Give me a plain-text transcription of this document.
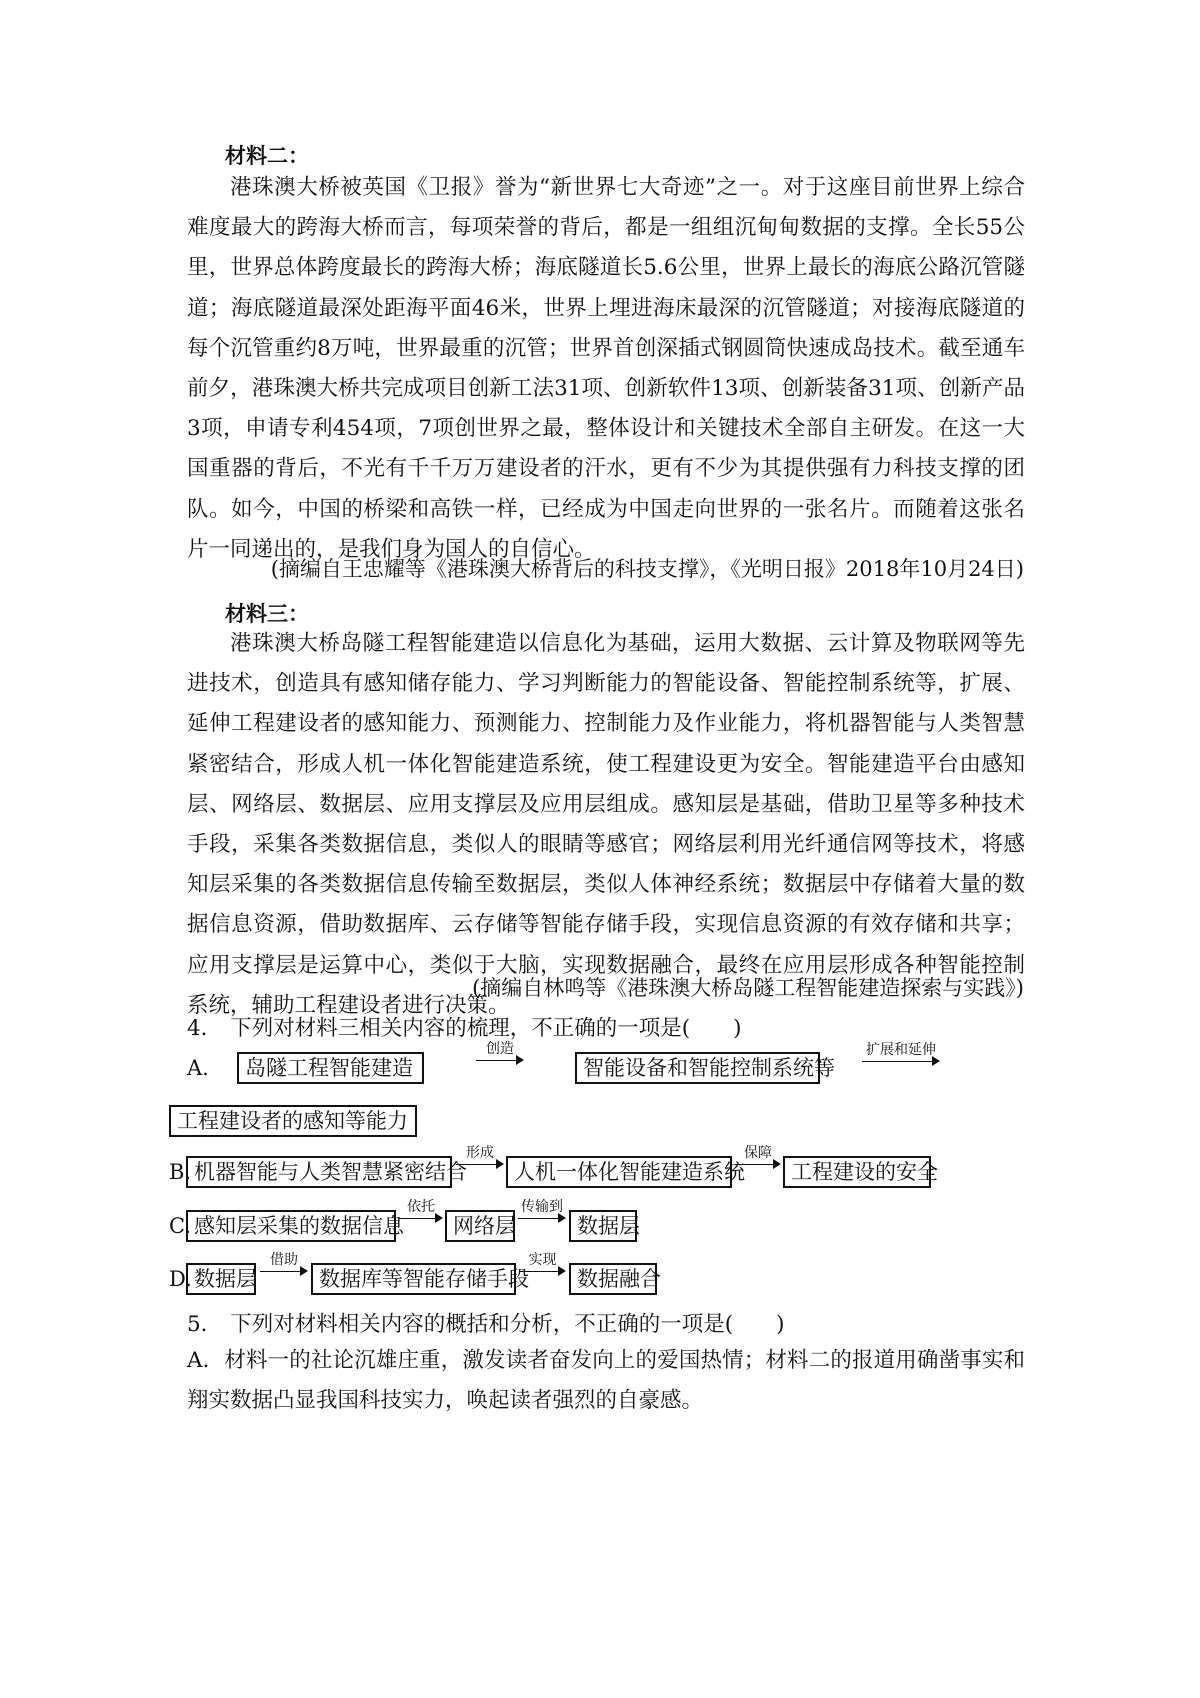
材料二：
港珠澳大桥被英国《卫报》誉为“新世界七大奇迹”之一。对于这座目前世界上综合难度最大的跨海大桥而言，每项荣誉的背后，都是一组组沉甸甸数据的支撑。全长55公里，世界总体跨度最长的跨海大桥；海底隧道长5.6公里，世界上最长的海底公路沉管隧道；海底隧道最深处距海平面46米，世界上埋进海床最深的沉管隧道；对接海底隧道的每个沉管重约8万吨，世界最重的沉管；世界首创深插式钢圆筒快速成岛技术。截至通车前夕，港珠澳大桥共完成项目创新工法31项、创新软件13项、创新装备31项、创新产品3项，申请专利454项，7项创世界之最，整体设计和关键技术全部自主研发。在这一大国重器的背后，不光有千千万万建设者的汗水，更有不少为其提供强有力科技支撑的团队。如今，中国的桥梁和高铁一样，已经成为中国走向世界的一张名片。而随着这张名片一同递出的，是我们身为国人的自信心。
(摘编自王忠耀等《港珠澳大桥背后的科技支撑》，《光明日报》2018年10月24日)
材料三：
港珠澳大桥岛隧工程智能建造以信息化为基础，运用大数据、云计算及物联网等先进技术，创造具有感知储存能力、学习判断能力的智能设备、智能控制系统等，扩展、延伸工程建设者的感知能力、预测能力、控制能力及作业能力，将机器智能与人类智慧紧密结合，形成人机一体化智能建造系统，使工程建设更为安全。智能建造平台由感知层、网络层、数据层、应用支撑层及应用层组成。感知层是基础，借助卫星等多种技术手段，采集各类数据信息，类似人的眼睛等感官；网络层利用光纤通信网等技术，将感知层采集的各类数据信息传输至数据层，类似人体神经系统；数据层中存储着大量的数据信息资源，借助数据库、云存储等智能存储手段，实现信息资源的有效存储和共享；应用支撑层是运算中心，类似于大脑，实现数据融合，最终在应用层形成各种智能控制系统，辅助工程建设者进行决策。
(摘编自林鸣等《港珠澳大桥岛隧工程智能建造探索与实践》)
4． 下列对材料三相关内容的梳理，不正确的一项是(　　)
A.	岛隧工程智能建造
创造
智能设备和智能控制系统等
扩展和延伸
工程建设者的感知等能力
B. 机器智能与人类智慧紧密结合
形成
人机一体化智能建造系统
保障
工程建设的安全
C. 感知层采集的数据信息
依托
网络层
传输到
数据层
D. 数据层
借助
数据库等智能存储手段
实现
数据融合
5． 下列对材料相关内容的概括和分析，不正确的一项是(　　)
A．材料一的社论沉雄庄重，激发读者奋发向上的爱国热情；材料二的报道用确凿事实和翔实数据凸显我国科技实力，唤起读者强烈的自豪感。
